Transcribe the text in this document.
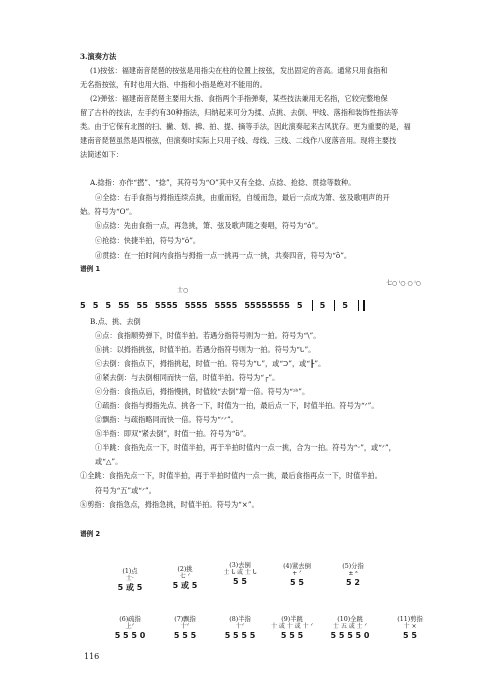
3.演奏方法
(1)按弦：福建南音琵琶的按弦是用指尖在柱的位置上按弦，发出固定的音高。通常只用食指和
无名指按弦，有时也用大指、中指和小指是绝对不能用的。
(2)弹弦：福建南音琵琶主要用大指、食指两个手指弹奏，某些技法兼用无名指，它较完整地保
留了古朴的技法，左手约有30种指法，归纳起来可分为揉、点挑、去倒、甲线、落指和装饰性指法等
类。由于它保有北图的扫、撇、划、拂、拍、提、摘等手法，因此演奏起来古风犹存。更为重要的是，福
建南音琵琶虽然是四根弦，但演奏时实际上只用子线、母线、三线、二线作八度落音用。现将主要技
法简述如下：
A.捻指：亦作“撚”、“捻”，其符号为“O”其中又有全捻、点捻、抢捻、贯捻等数种。
ⓐ全捻：右手食指与拇指连续点挑，由重而轻，自缓而急，最后一点成为箫、弦及歌唱声的开
始。符号为“O”。
ⓑ点捻：先由食指一点，再急挑，箫、弦及歌声随之奏唱，符号为“ὁ”。
ⓒ抢捻：快捷半拍，符号为“ὁ”。
ⓓ贯捻：在一拍时间内食指与拇指一点一挑再一点一挑，共奏四音，符号为“ὃ”。
谱例 1
士○
七○ ⁱ○ ○ ⁱ○
5 5 5 55 55 5555 5555 5555 55555555 5 5 5
B.点、挑、去倒
ⓐ点：食指顺势弹下，时值半拍。若遇分指符号则为一拍。符号为“\”。
ⓑ挑：以拇指挑弦，时值半拍。若遇分指符号则为一拍。符号为“ᒐ”。
ⓒ去倒：食指点下，拇指挑起，时值一拍。符号为“ᒐ”，或“ᑐ”，或“┠”。
ⓓ紧去倒：与去倒相同而快一倍，时值半拍。符号为“┌”。
ⓔ分指：食指点后，拇指慢挑，时值较“去倒”增一倍。符号为“ᵓᵇ”。
ⓕ疏指：食指与拇指先点、挑各一下，时值为一拍，最后点一下，时值半拍。符号为“ᐟ”。
ⓖ飘指：与疏指略同而快一倍。符号为“ᐟᐟ”。
ⓗ半指：即双“紧去倒”，时值一拍。符号为“ὃ”。
ⓘ半跳：食指先点一下，时值半拍，再于半拍时值内一点一挑，合为一拍。符号为“ᵕ”，或“ᐟ”，
或“△”。
ⓙ全跳：食指先点一下，时值半拍，再于半拍时值内一点一挑，最后食指再点一下，时值半拍。
符号为“五”或“ᐟ”。
ⓚ剪指：食指急点，拇指急挑，时值半拍。符号为“×”。
谱例 2
(1)点
士·
5 或 5
(2)挑
七 ᐟ
5 或 5
(3)去倒
士 ᒐ 或 士 ᒐ
5 5
(4)紧去倒
+ ᐟ
5 5
(5)分指
± ᵃ
5 2
(6)疏指
上ᐟ
5 5 5 0
(7)飘指
十ᐟ
5 5 5
(8)半指
十ᐟ
5 5 5 5
(9)半跳
十 或 十 或 十 ᐟ
5 5 5
(10)全跳
士 五 或 士 ᐟ
5 5 5 5 0
(11)剪指
十 ×
5 5
116
